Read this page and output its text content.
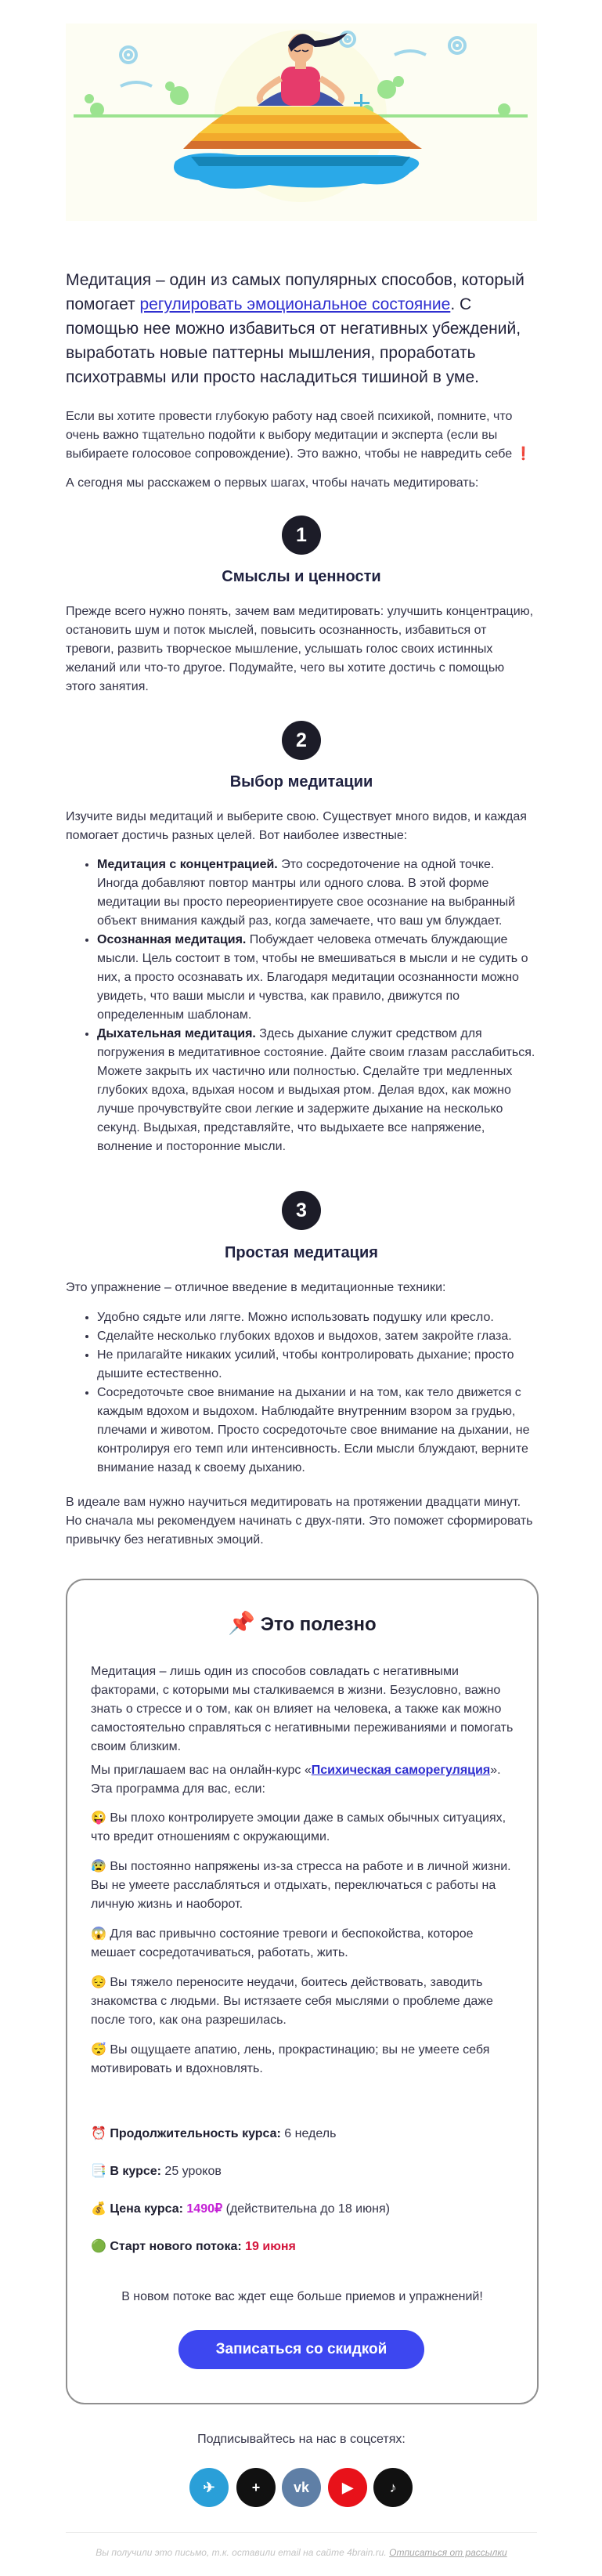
Медитация – один из самых популярных способов, который помогает регулировать эмоциональное состояние. С помощью нее можно избавиться от негативных убеждений, выработать новые паттерны мышления, проработать психотравмы или просто насладиться тишиной в уме.

Если вы хотите провести глубокую работу над своей психикой, помните, что очень важно тщательно подойти к выбору медитации и эксперта (если вы выбираете голосовое сопровождение). Это важно, чтобы не навредить себе ❗

А сегодня мы расскажем о первых шагах, чтобы начать медитировать:

1
Смыслы и ценности

Прежде всего нужно понять, зачем вам медитировать: улучшить концентрацию, остановить шум и поток мыслей, повысить осознанность, избавиться от тревоги, развить творческое мышление, услышать голос своих истинных желаний или что-то другое. Подумайте, чего вы хотите достичь с помощью этого занятия.

2
Выбор медитации

Изучите виды медитаций и выберите свою. Существует много видов, и каждая помогает достичь разных целей. Вот наиболее известные:

• Медитация с концентрацией. Это сосредоточение на одной точке. Иногда добавляют повтор мантры или одного слова. В этой форме медитации вы просто переориентируете свое осознание на выбранный объект внимания каждый раз, когда замечаете, что ваш ум блуждает.
• Осознанная медитация. Побуждает человека отмечать блуждающие мысли. Цель состоит в том, чтобы не вмешиваться в мысли и не судить о них, а просто осознавать их. Благодаря медитации осознанности можно увидеть, что ваши мысли и чувства, как правило, движутся по определенным шаблонам.
• Дыхательная медитация. Здесь дыхание служит средством для погружения в медитативное состояние. Дайте своим глазам расслабиться. Можете закрыть их частично или полностью. Сделайте три медленных глубоких вдоха, вдыхая носом и выдыхая ртом. Делая вдох, как можно лучше прочувствуйте свои легкие и задержите дыхание на несколько секунд. Выдыхая, представляйте, что выдыхаете все напряжение, волнение и посторонние мысли.
3
Простая медитация

Это упражнение – отличное введение в медитационные техники:

• Удобно сядьте или лягте. Можно использовать подушку или кресло.
• Сделайте несколько глубоких вдохов и выдохов, затем закройте глаза.
• Не прилагайте никаких усилий, чтобы контролировать дыхание; просто дышите естественно.
• Сосредоточьте свое внимание на дыхании и на том, как тело движется с каждым вдохом и выдохом. Наблюдайте внутренним взором за грудью, плечами и животом. Просто сосредоточьте свое внимание на дыхании, не контролируя его темп или интенсивность. Если мысли блуждают, верните внимание назад к своему дыханию.

В идеале вам нужно научиться медитировать на протяжении двадцати минут. Но сначала мы рекомендуем начинать с двух-пяти. Это поможет сформировать привычку без негативных эмоций.

📌 Это полезно

Медитация – лишь один из способов совладать с негативными факторами, с которыми мы сталкиваемся в жизни. Безусловно, важно знать о стрессе и о том, как он влияет на человека, а также как можно самостоятельно справляться с негативными переживаниями и помогать своим близким.

Мы приглашаем вас на онлайн-курс «Психическая саморегуляция». Эта программа для вас, если:

😜 Вы плохо контролируете эмоции даже в самых обычных ситуациях, что вредит отношениям с окружающими.

😰 Вы постоянно напряжены из-за стресса на работе и в личной жизни. Вы не умеете расслабляться и отдыхать, переключаться с работы на личную жизнь и наоборот.

😱 Для вас привычно состояние тревоги и беспокойства, которое мешает сосредотачиваться, работать, жить.

😔 Вы тяжело переносите неудачи, боитесь действовать, заводить знакомства с людьми. Вы истязаете себя мыслями о проблеме даже после того, как она разрешилась.

😴 Вы ощущаете апатию, лень, прокрастинацию; вы не умеете себя мотивировать и вдохновлять.

⏰ Продолжительность курса: 6 недель

📑 В курсе: 25 уроков

💰 Цена курса: 1490₽ (действительна до 18 июня)

🟢 Старт нового потока: 19 июня

В новом потоке вас ждет еще больше приемов и упражнений!

Записаться со скидкой

Подписывайтесь на нас в соцсетях:

✈	+	vk	▶	♪

Вы получили это письмо, т.к. оставили email на сайте 4brain.ru. Отписаться от рассылки
